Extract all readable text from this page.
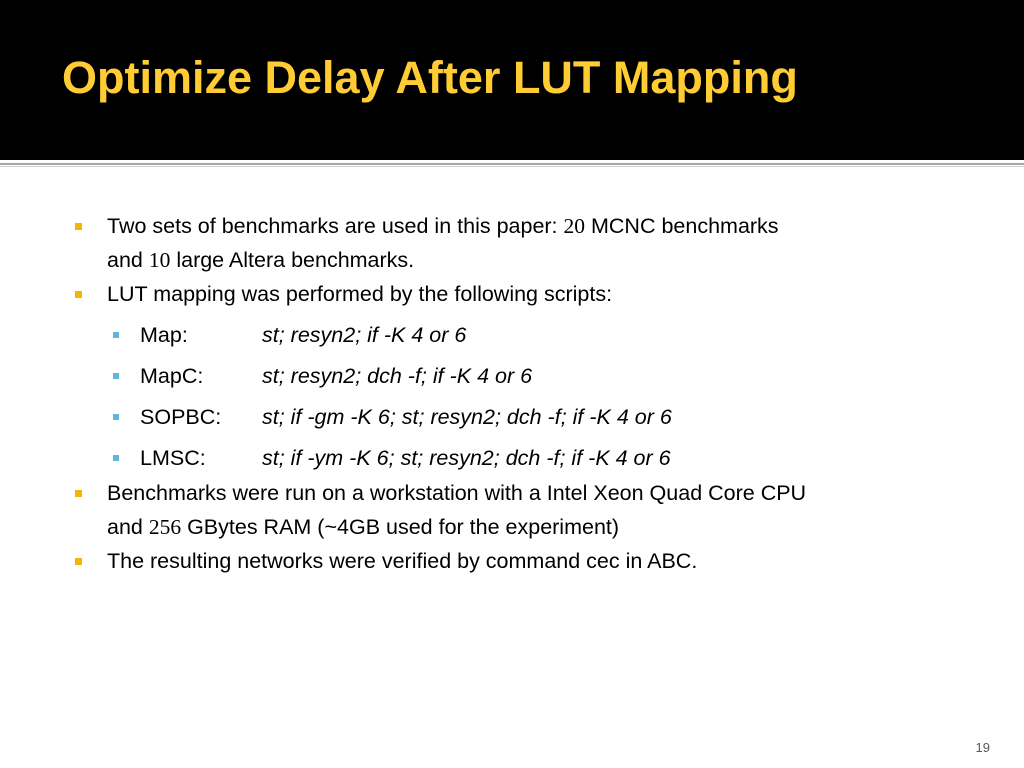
Optimize Delay After LUT Mapping
Two sets of benchmarks are used in this paper: 20 MCNC benchmarks
and 10 large Altera benchmarks.
LUT mapping was performed by the following scripts:
Map:	st; resyn2; if -K 4 or 6
MapC:	st; resyn2; dch -f; if -K 4 or 6
SOPBC: st; if -gm -K 6; st; resyn2; dch -f; if -K 4 or 6
LMSC:	st; if -ym -K 6; st; resyn2; dch -f; if -K 4 or 6
Benchmarks were run on a workstation with a Intel Xeon Quad Core CPU
and 256 GBytes RAM (~4GB used for the experiment)
The resulting networks were verified by command cec in ABC.
19
